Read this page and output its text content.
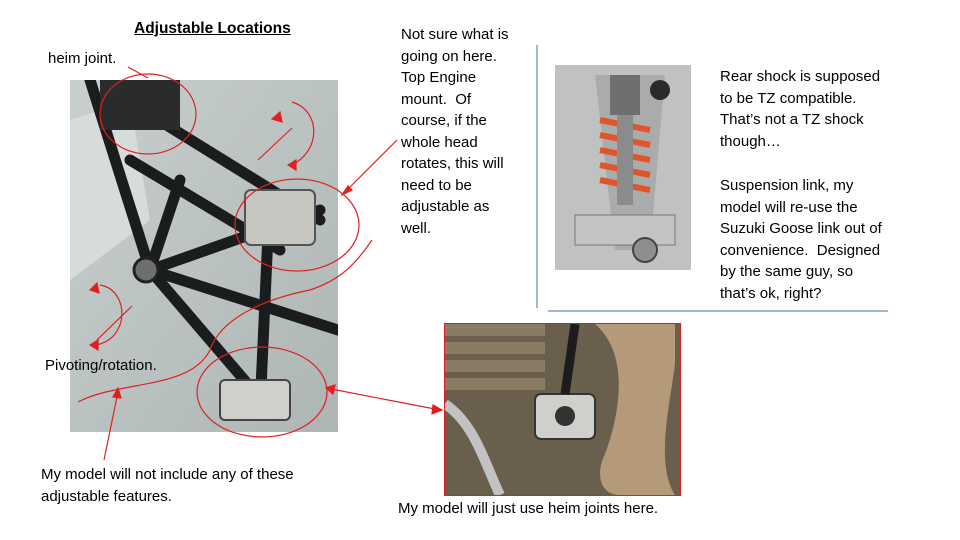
Adjustable Locations
heim joint.
Not sure what is
going on here.
Top Engine
mount.  Of
course, if the
whole head
rotates, this will
need to be
adjustable as
well.
Pivoting/rotation.
My model will not include any of these
adjustable features.
Rear shock is supposed
to be TZ compatible.
That’s not a TZ shock
though…
Suspension link, my
model will re-use the
Suzuki Goose link out of
convenience.  Designed
by the same guy, so
that’s ok, right?
My model will just use heim joints here.
